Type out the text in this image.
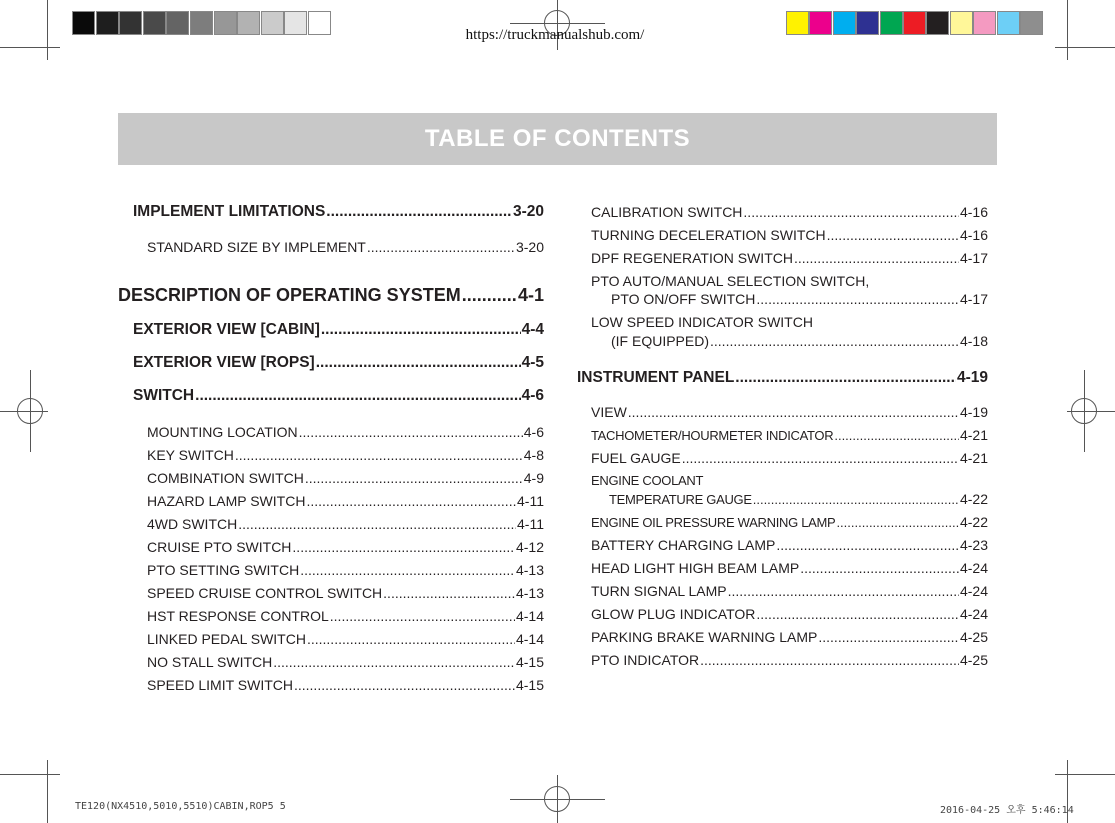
https://truckmanualshub.com/
TABLE OF CONTENTS
IMPLEMENT LIMITATIONS .....	3-20
STANDARD SIZE BY IMPLEMENT .....	3-20
DESCRIPTION OF OPERATING SYSTEM .....	4-1
EXTERIOR VIEW [CABIN] .....	4-4
EXTERIOR VIEW [ROPS] .....	4-5
SWITCH .....	4-6
MOUNTING LOCATION .....	4-6
KEY SWITCH .....	4-8
COMBINATION SWITCH .....	4-9
HAZARD LAMP SWITCH .....	4-11
4WD SWITCH .....	4-11
CRUISE PTO SWITCH .....	4-12
PTO SETTING SWITCH .....	4-13
SPEED CRUISE CONTROL SWITCH .....	4-13
HST RESPONSE CONTROL .....	4-14
LINKED PEDAL SWITCH .....	4-14
NO STALL SWITCH .....	4-15
SPEED LIMIT SWITCH .....	4-15
CALIBRATION SWITCH .....	4-16
TURNING DECELERATION SWITCH .....	4-16
DPF REGENERATION SWITCH .....	4-17
PTO AUTO/MANUAL SELECTION SWITCH,
PTO ON/OFF SWITCH .....	4-17
LOW SPEED INDICATOR SWITCH
(IF EQUIPPED) .....	4-18
INSTRUMENT PANEL .....	4-19
VIEW .....	4-19
TACHOMETER/HOURMETER INDICATOR .....	4-21
FUEL GAUGE .....	4-21
ENGINE COOLANT
TEMPERATURE GAUGE .....	4-22
ENGINE OIL PRESSURE WARNING LAMP .....	4-22
BATTERY CHARGING LAMP .....	4-23
HEAD LIGHT HIGH BEAM LAMP .....	4-24
TURN SIGNAL LAMP .....	4-24
GLOW PLUG INDICATOR .....	4-24
PARKING BRAKE WARNING LAMP .....	4-25
PTO INDICATOR .....	4-25
TE120(NX4510,5010,5510)CABIN,ROP5 5	2016-04-25 오후 5:46:14
